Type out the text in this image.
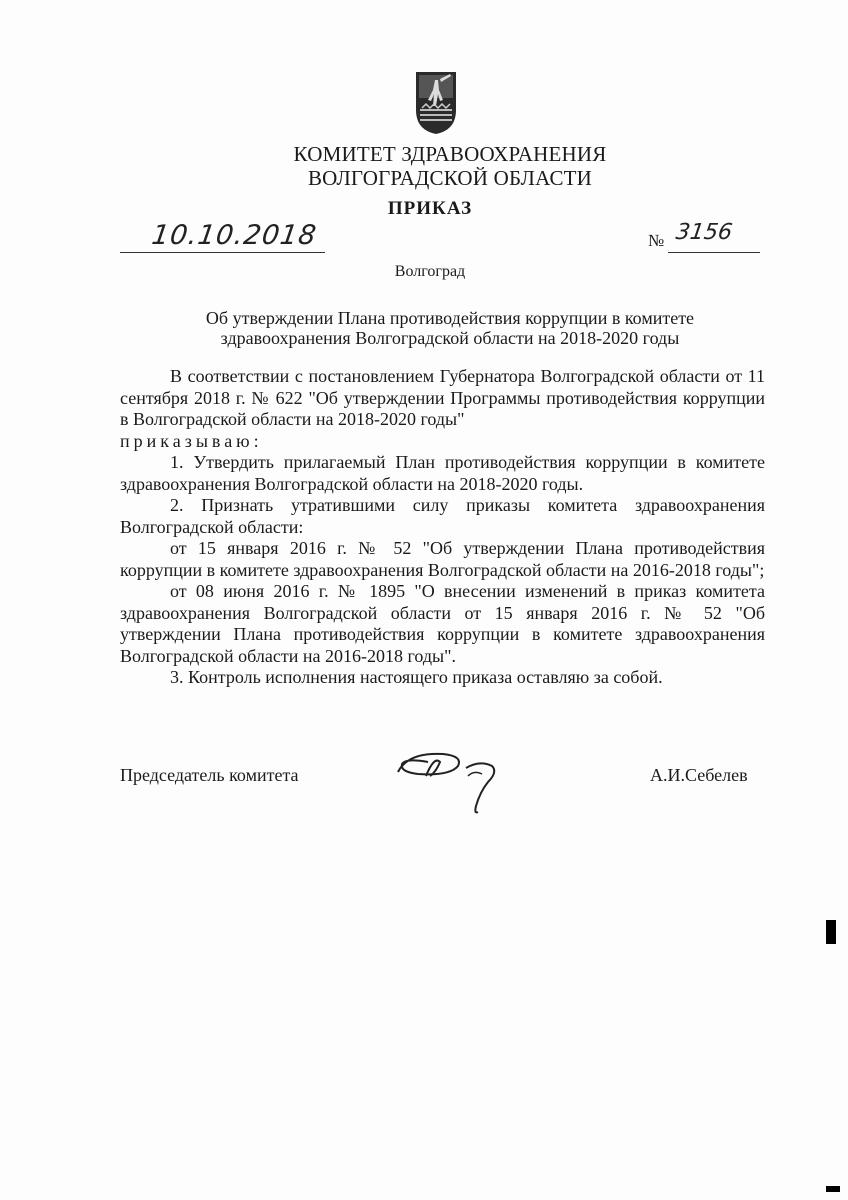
КОМИТЕТ ЗДРАВООХРАНЕНИЯ
ВОЛГОГРАДСКОЙ ОБЛАСТИ
ПРИКАЗ
10.10.2018	№ 3156
Волгоград
Об утверждении Плана противодействия коррупции в комитете
здравоохранения Волгоградской области на 2018-2020 годы

В соответствии с постановлением Губернатора Волгоградской области от 11 сентября 2018 г. № 622 "Об утверждении Программы противодействия коррупции в Волгоградской области на 2018-2020 годы"

приказываю:

1. Утвердить прилагаемый План противодействия коррупции в комитете здравоохранения Волгоградской области на 2018-2020 годы.

2. Признать утратившими силу приказы комитета здравоохранения Волгоградской области:

от 15 января 2016 г. № 52 "Об утверждении Плана противодействия коррупции в комитете здравоохранения Волгоградской области на 2016-2018 годы";

от 08 июня 2016 г. № 1895 "О внесении изменений в приказ комитета здравоохранения Волгоградской области от 15 января 2016 г. № 52 "Об утверждении Плана противодействия коррупции в комитете здравоохранения Волгоградской области на 2016-2018 годы".

3. Контроль исполнения настоящего приказа оставляю за собой.

Председатель комитета	А.И.Себелев
